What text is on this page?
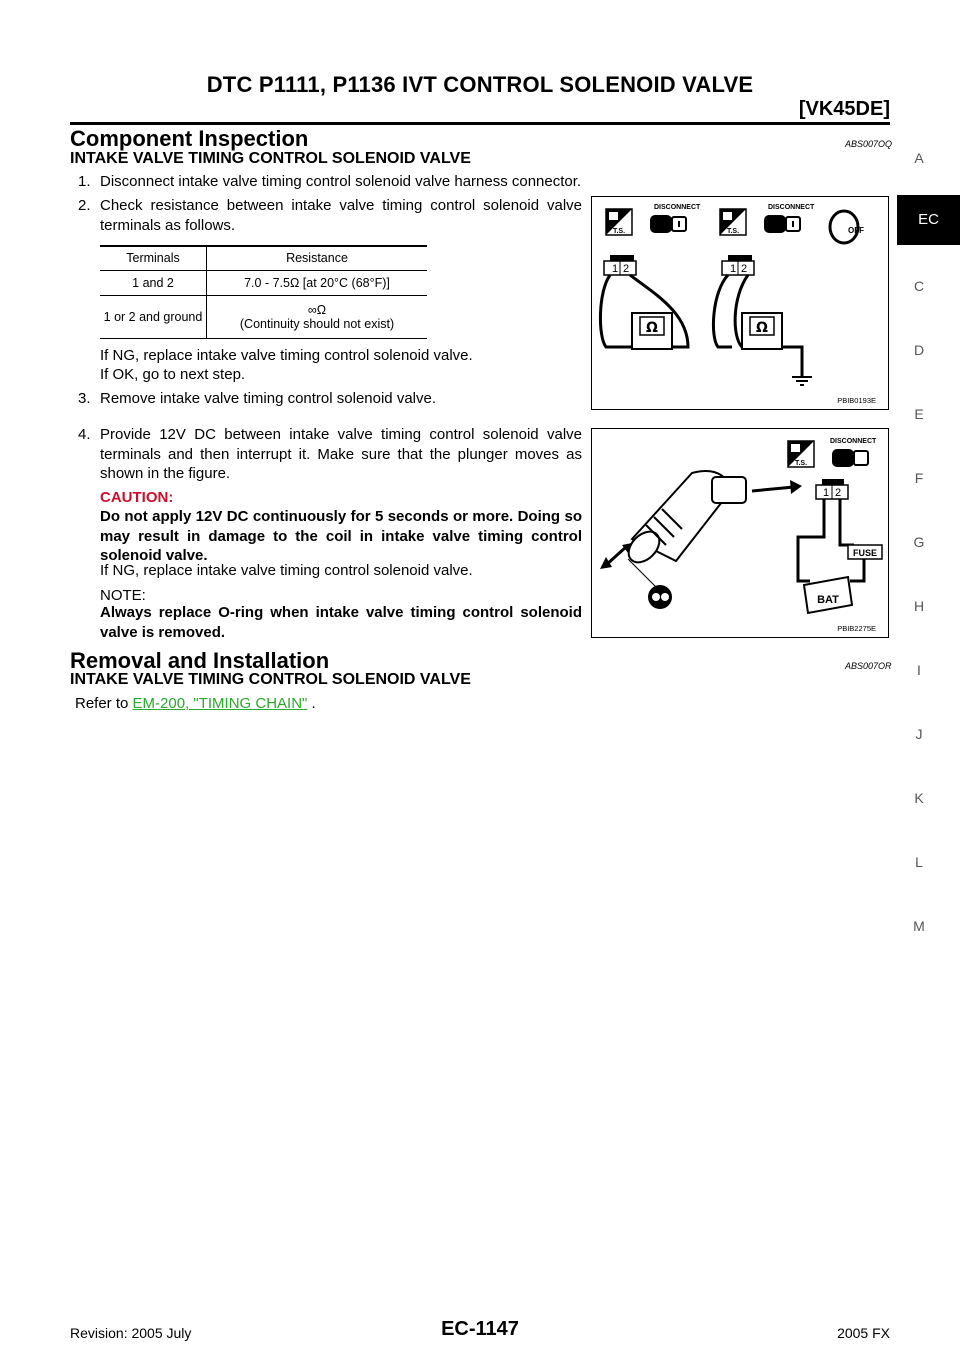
DTC P1111, P1136 IVT CONTROL SOLENOID VALVE
[VK45DE]
A
EC
C
D
E
F
G
H
I
J
K
L
M
Component Inspection	ABS007OQ
INTAKE VALVE TIMING CONTROL SOLENOID VALVE
1. Disconnect intake valve timing control solenoid valve harness connector.
2. Check resistance between intake valve timing control solenoid valve terminals as follows.
Terminals	Resistance
1 and 2	7.0 - 7.5Ω [at 20°C (68°F)]
1 or 2 and ground	∞Ω
(Continuity should not exist)
If NG, replace intake valve timing control solenoid valve.
If OK, go to next step.
3. Remove intake valve timing control solenoid valve.
4. Provide 12V DC between intake valve timing control solenoid valve terminals and then interrupt it. Make sure that the plunger moves as shown in the figure.
CAUTION:
Do not apply 12V DC continuously for 5 seconds or more. Doing so may result in damage to the coil in intake valve timing control solenoid valve.
If NG, replace intake valve timing control solenoid valve.
NOTE:
Always replace O-ring when intake valve timing control solenoid valve is removed.
T.S.
DISCONNECT
T.S.
DISCONNECT
OFF
1 2	1 2
Ω	Ω
PBIB0193E
T.S.
DISCONNECT
1 2
FUSE
BAT
PBIB2275E
Removal and Installation	ABS007OR
INTAKE VALVE TIMING CONTROL SOLENOID VALVE
Refer to EM-200, "TIMING CHAIN" .
Revision: 2005 July	EC-1147	2005 FX
